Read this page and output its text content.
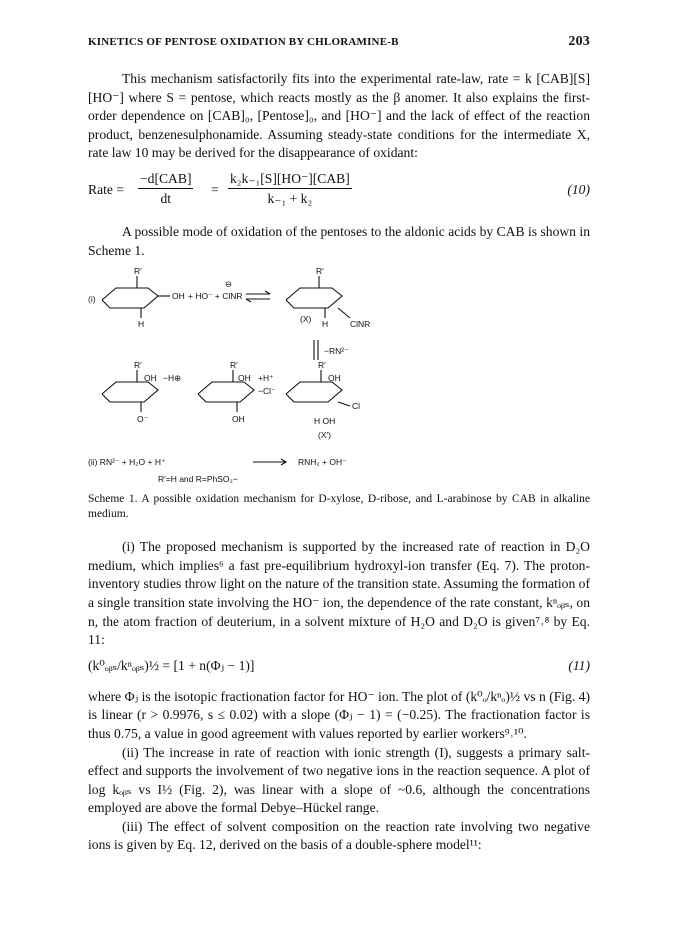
KINETICS OF PENTOSE OXIDATION BY CHLORAMINE-B	203

This mechanism satisfactorily fits into the experimental rate-law, rate = k [CAB][S][HO⁻] where S = pentose, which reacts mostly as the β anomer. It also explains the first-order dependence on [CAB]₀, [Pentose]₀, and [HO⁻] and the lack of effect of the reaction product, benzenesulphonamide. Assuming steady-state conditions for the intermediate X, rate law 10 may be derived for the disappearance of oxidant:

Rate =
−d[CAB]
dt
=
k₂k₋₁[S][HO⁻][CAB]
k₋₁ + k₂
(10)

A possible mode of oxidation of the pentoses to the aldonic acids by CAB is shown in Scheme 1.

(i)
R′
OH + HO⁻ + ClNR
⊖
H
R′
(X) H	ClNR
−RN²⁻
R′
OH −H⊕
O⁻
R′
OH +H⁺
−Cl⁻
OH
R′
OH
Cl
H OH
(X′)
(ii) RN²⁻ + H₂O + H⁺	RNH₂ + OH⁻
R′=H and R=PhSO₂−
Scheme 1. A possible oxidation mechanism for D-xylose, D-ribose, and L-arabinose by CAB in alkaline medium.

(i) The proposed mechanism is supported by the increased rate of reaction in D₂O medium, which implies⁶ a fast pre-equilibrium hydroxyl-ion transfer (Eq. 7). The proton-inventory studies throw light on the nature of the transition state. Assuming the formation of a single transition state involving the HO⁻ ion, the dependence of the rate constant, kⁿₒᵦₛ, on n, the atom fraction of deuterium, in a solvent mixture of H₂O and D₂O is given⁷˒⁸ by Eq. 11:

(k⁰ₒᵦₛ/kⁿₒᵦₛ)½ = [1 + n(Φⱼ − 1)]	(11)

where Φⱼ is the isotopic fractionation factor for HO⁻ ion. The plot of (k⁰ₒ/kⁿₒ)½ vs n (Fig. 4) is linear (r > 0.9976, s ≤ 0.02) with a slope (Φⱼ − 1) = (−0.25). The fractionation factor is thus 0.75, a value in good agreement with values reported by earlier workers⁹˒¹⁰.

(ii) The increase in rate of reaction with ionic strength (I), suggests a primary salt-effect and supports the involvement of two negative ions in the reaction sequence. A plot of log kₒᵦₛ vs I½ (Fig. 2), was linear with a slope of ~0.6, although the concentrations employed are above the formal Debye–Hückel range.

(iii) The effect of solvent composition on the reaction rate involving two negative ions is given by Eq. 12, derived on the basis of a double-sphere model¹¹:
